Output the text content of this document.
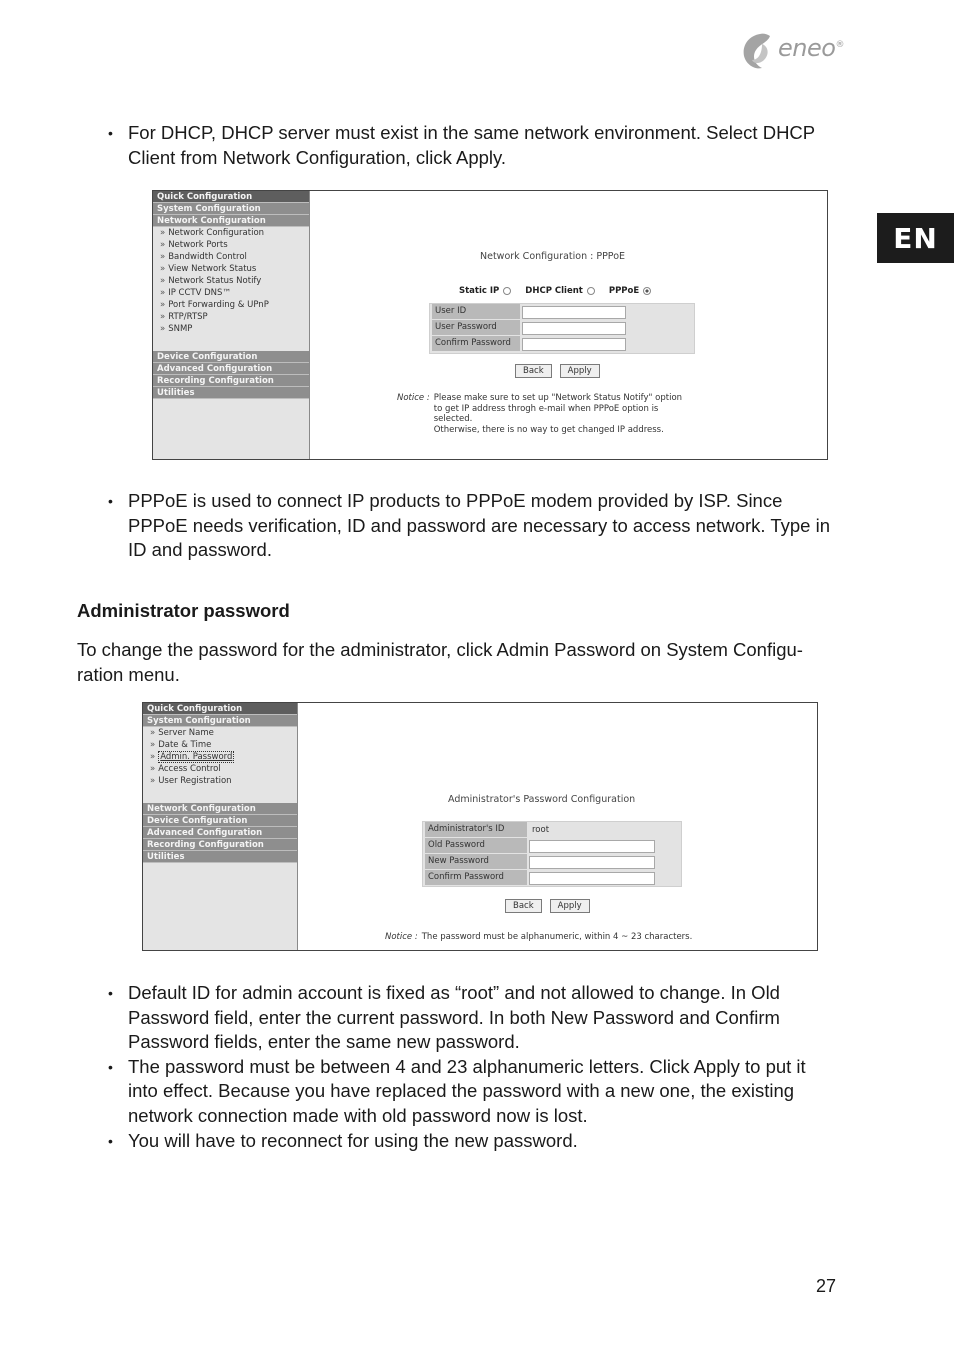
eneo®
EN
• For DHCP, DHCP server must exist in the same network environment. Select DHCP Client from Network Configuration, click Apply.
Quick Configuration
System Configuration
Network Configuration
» Network Configuration
» Network Ports
» Bandwidth Control
» View Network Status
» Network Status Notify
» IP CCTV DNS™
» Port Forwarding & UPnP
» RTP/RTSP
» SNMP
Device Configuration
Advanced Configuration
Recording Configuration
Utilities
Network Configuration : PPPoE
Static IP	DHCP Client	PPPoE
User ID
User Password
Confirm Password
Back	Apply
Notice : Please make sure to set up "Network Status Notify" option
to get IP address throgh e-mail when PPPoE option is
selected.
Otherwise, there is no way to get changed IP address.
• PPPoE is used to connect IP products to PPPoE modem provided by ISP. Since PPPoE needs verification, ID and password are necessary to access network. Type in ID and password.
Administrator password
To change the password for the administrator, click Admin Password on System Configu-ration menu.
Quick Configuration
System Configuration
» Server Name
» Date & Time
» Admin. Password
» Access Control
» User Registration
Network Configuration
Device Configuration
Advanced Configuration
Recording Configuration
Utilities
Administrator's Password Configuration
Administrator's ID	root
Old Password
New Password
Confirm Password
Back	Apply
Notice : The password must be alphanumeric, within 4 ~ 23 characters.
• Default ID for admin account is fixed as “root” and not allowed to change. In Old Password field, enter the current password. In both New Password and Confirm Password fields, enter the same new password.
• The password must be between 4 and 23 alphanumeric letters. Click Apply to put it into effect. Because you have replaced the password with a new one, the existing network connection made with old password now is lost.
• You will have to reconnect for using the new password.
27
